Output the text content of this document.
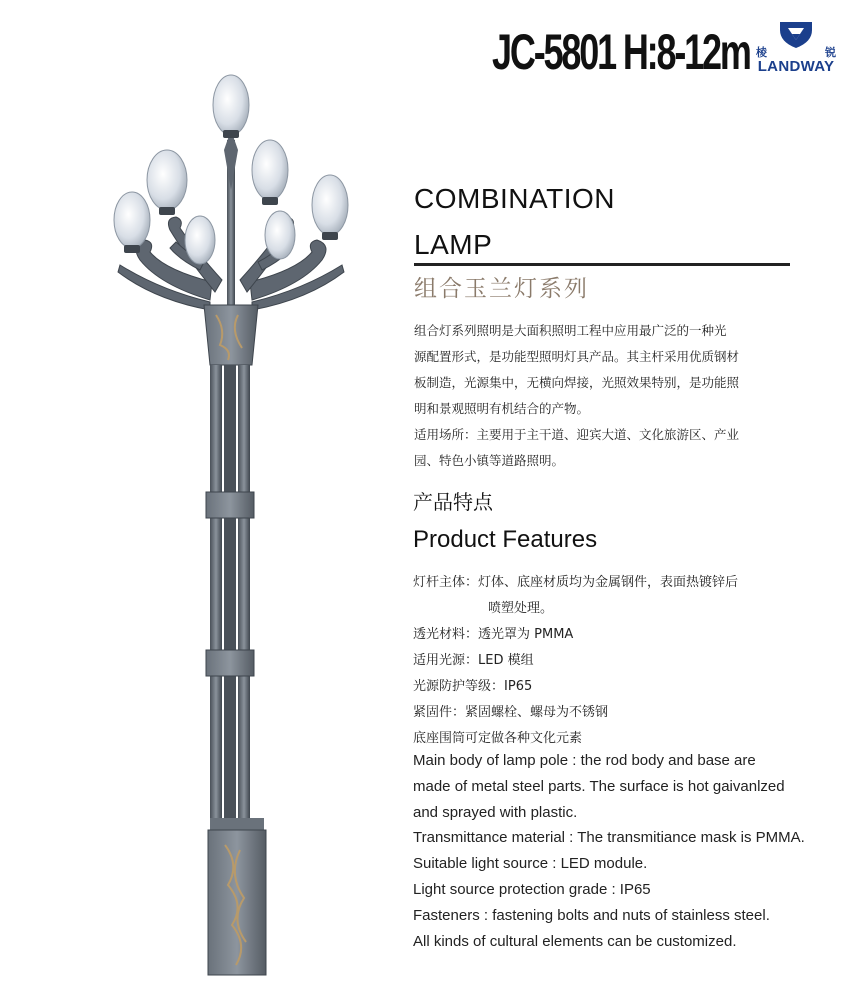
JC-5801 H:8-12m 棱	锐
LANDWAY
COMBINATION
LAMP
组合玉兰灯系列

组合灯系列照明是大面积照明工程中应用最广泛的一种光

源配置形式，是功能型照明灯具产品。其主杆采用优质钢材

板制造，光源集中，无横向焊接，光照效果特别，是功能照

明和景观照明有机结合的产物。

适用场所：主要用于主干道、迎宾大道、文化旅游区、产业

园、特色小镇等道路照明。

产品特点
Product Features
灯杆主体： 灯体、底座材质均为金属钢件，表面热镀锌后
喷塑处理。
透光材料： 透光罩为 PMMA
适用光源： LED 模组
光源防护等级： IP65
紧固件： 紧固螺栓、螺母为不锈钢
底座围筒可定做各种文化元素
Main body of lamp pole : the rod body and base are
made of metal steel parts. The surface is hot gaivanlzed
and sprayed with plastic.
Transmittance material : The transmitiance mask is PMMA.
Suitable light source : LED module.
Light source protection grade : IP65
Fasteners : fastening bolts and nuts of stainless steel.
All kinds of cultural elements can be customized.
